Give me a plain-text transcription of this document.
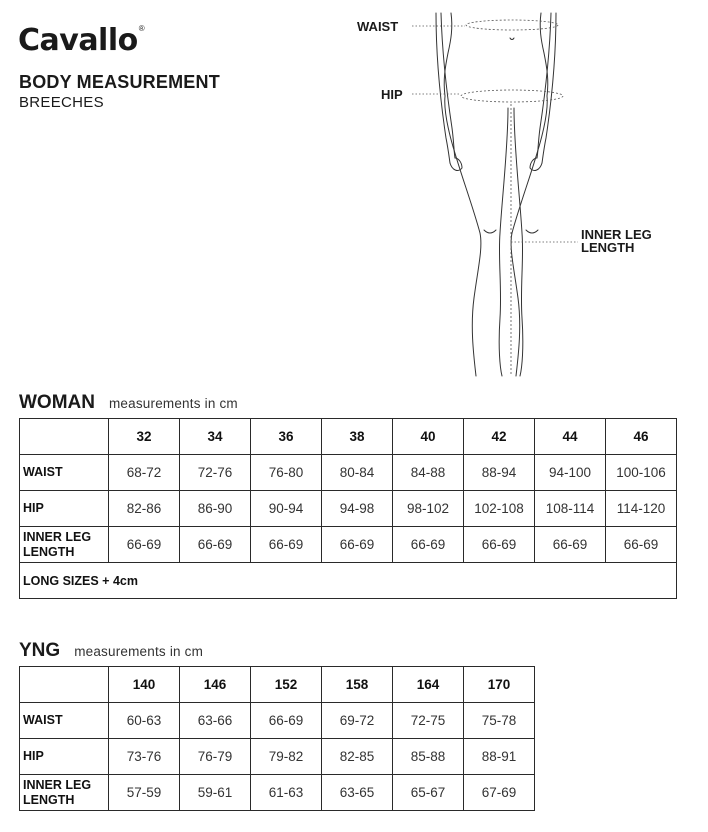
Cavallo ®
BODY MEASUREMENT
BREECHES
WAIST
HIP
INNER LEG
LENGTH
WOMAN measurements in cm
	32	34	36	38	40	42	44	46
WAIST	68-72	72-76	76-80	80-84	84-88	88-94	94-100	100-106
HIP	82-86	86-90	90-94	94-98	98-102	102-108	108-114	114-120
INNER LEG
LENGTH	66-69	66-69	66-69	66-69	66-69	66-69	66-69	66-69
LONG SIZES + 4cm								
YNG measurements in cm
	140	146	152	158	164	170
WAIST	60-63	63-66	66-69	69-72	72-75	75-78
HIP	73-76	76-79	79-82	82-85	85-88	88-91
INNER LEG
LENGTH	57-59	59-61	61-63	63-65	65-67	67-69
